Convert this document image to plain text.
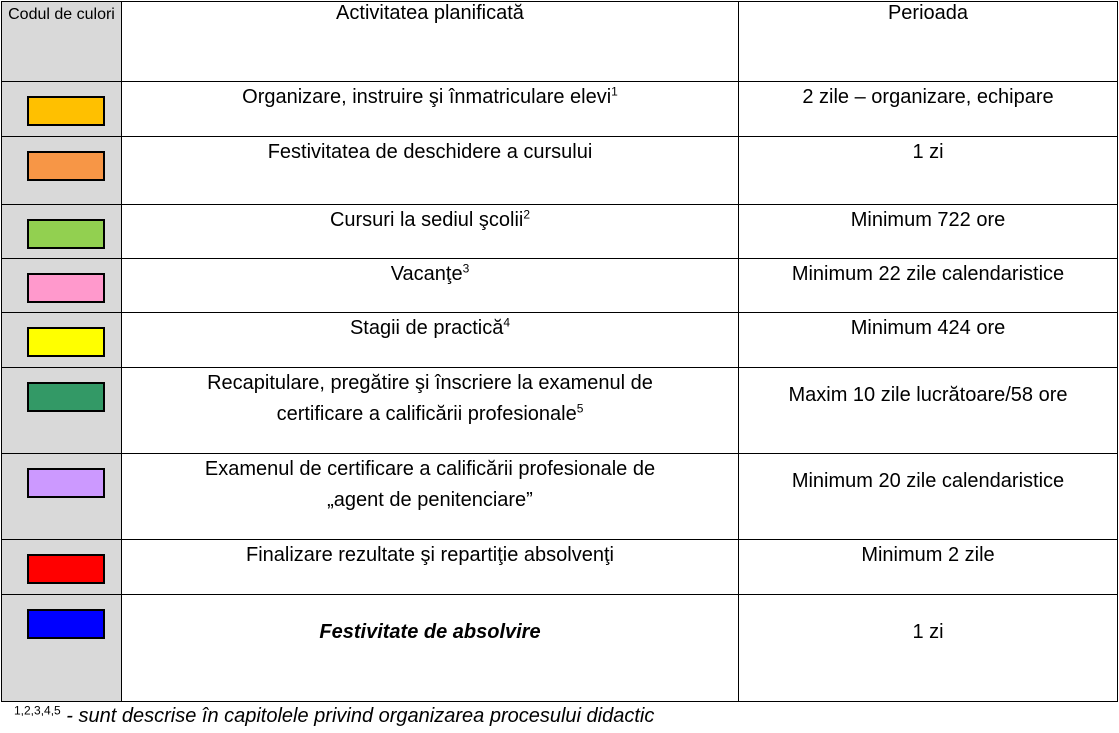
Codul de culori	Activitatea planificată	Perioada

	Organizare, instruire şi înmatriculare elevi$^1$	2 zile – organizare, echipare

	Festivitatea de deschidere a cursului	1 zi

	Cursuri la sediul şcolii$^2$	Minimum 722 ore

	Vacanţe$^3$	Minimum 22 zile calendaristice

	Stagii de practică$^4$	Minimum 424 ore

	Recapitulare, pregătire şi înscriere la examenul de
certificare a calificării profesionale$^5$	Maxim 10 zile lucrătoare/58 ore

	Examenul de certificare a calificării profesionale de
„agent de penitenciare”	Minimum 20 zile calendaristice

	Finalizare rezultate şi repartiţie absolvenţi	Minimum 2 zile

	Festivitate de absolvire	1 zi
$^{1,2,3,4,5}$ - sunt descrise în capitolele privind organizarea procesului didactic
